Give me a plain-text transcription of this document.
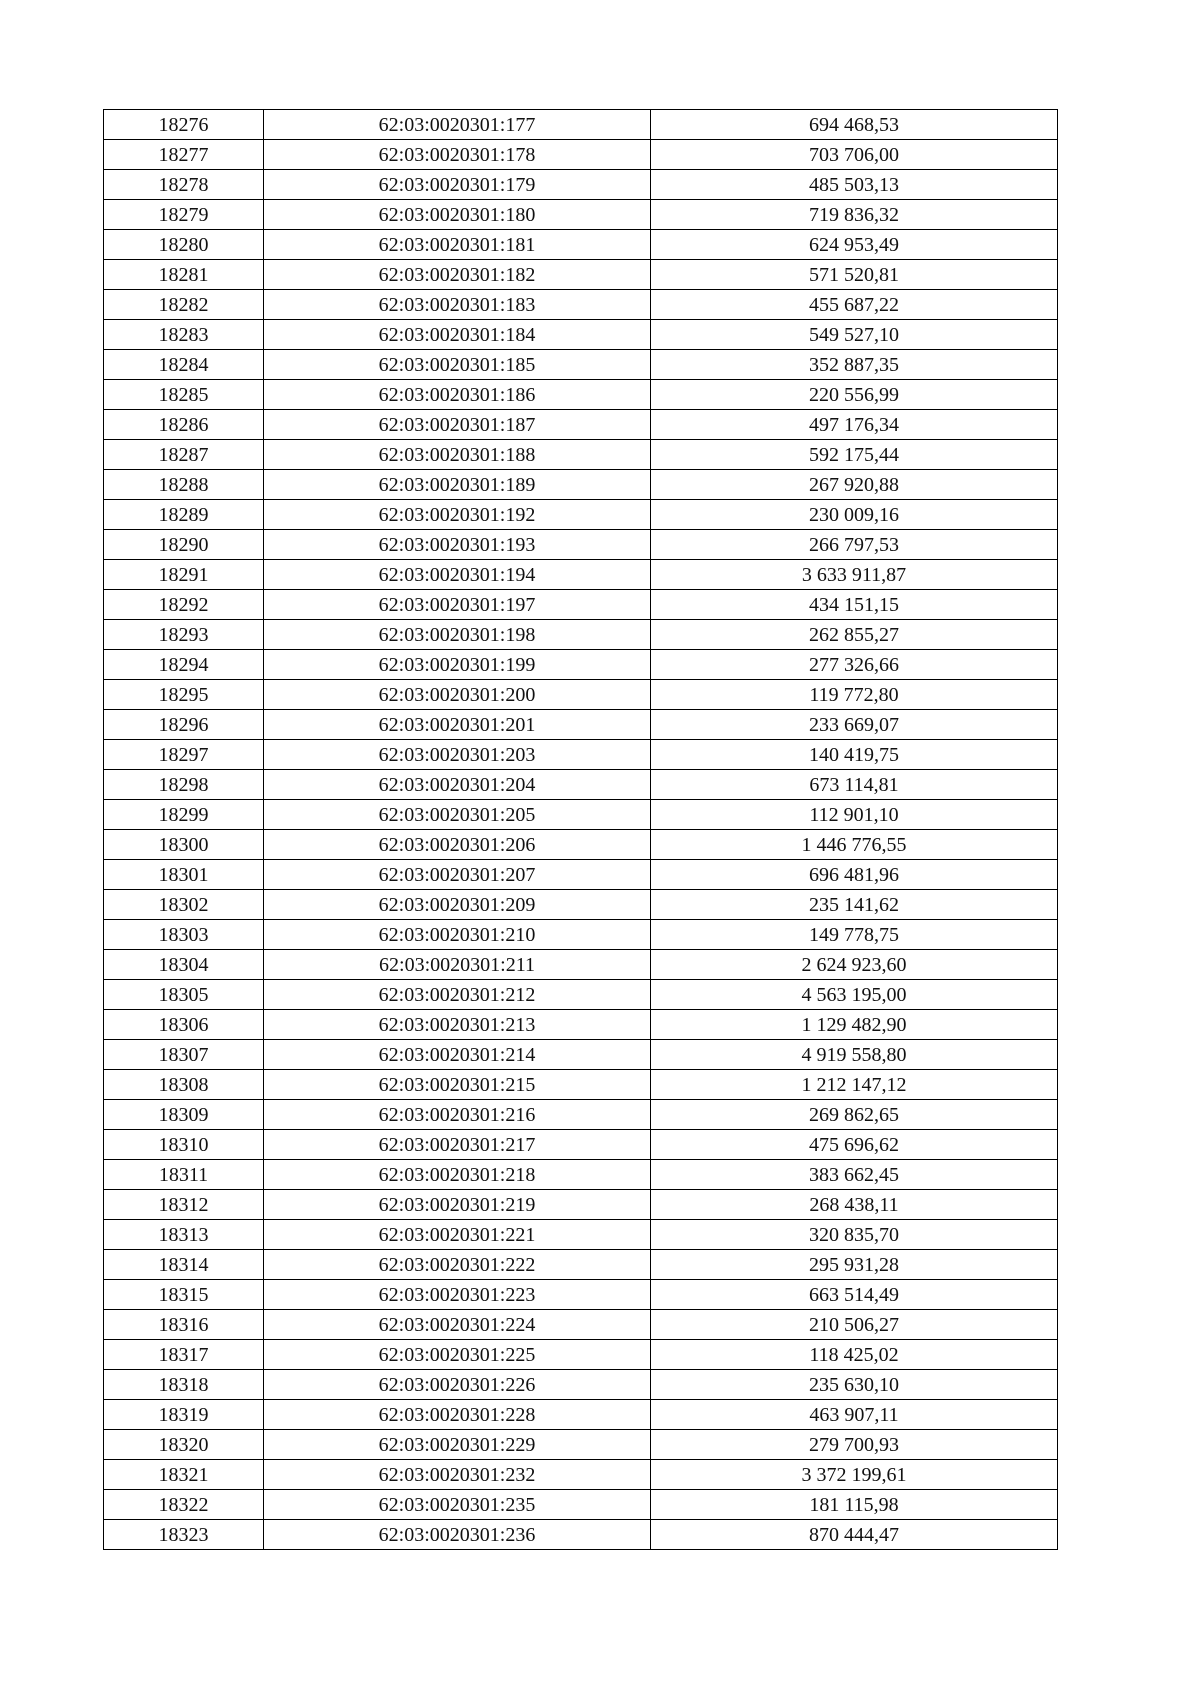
18276	62:03:0020301:177	694 468,53
18277	62:03:0020301:178	703 706,00
18278	62:03:0020301:179	485 503,13
18279	62:03:0020301:180	719 836,32
18280	62:03:0020301:181	624 953,49
18281	62:03:0020301:182	571 520,81
18282	62:03:0020301:183	455 687,22
18283	62:03:0020301:184	549 527,10
18284	62:03:0020301:185	352 887,35
18285	62:03:0020301:186	220 556,99
18286	62:03:0020301:187	497 176,34
18287	62:03:0020301:188	592 175,44
18288	62:03:0020301:189	267 920,88
18289	62:03:0020301:192	230 009,16
18290	62:03:0020301:193	266 797,53
18291	62:03:0020301:194	3 633 911,87
18292	62:03:0020301:197	434 151,15
18293	62:03:0020301:198	262 855,27
18294	62:03:0020301:199	277 326,66
18295	62:03:0020301:200	119 772,80
18296	62:03:0020301:201	233 669,07
18297	62:03:0020301:203	140 419,75
18298	62:03:0020301:204	673 114,81
18299	62:03:0020301:205	112 901,10
18300	62:03:0020301:206	1 446 776,55
18301	62:03:0020301:207	696 481,96
18302	62:03:0020301:209	235 141,62
18303	62:03:0020301:210	149 778,75
18304	62:03:0020301:211	2 624 923,60
18305	62:03:0020301:212	4 563 195,00
18306	62:03:0020301:213	1 129 482,90
18307	62:03:0020301:214	4 919 558,80
18308	62:03:0020301:215	1 212 147,12
18309	62:03:0020301:216	269 862,65
18310	62:03:0020301:217	475 696,62
18311	62:03:0020301:218	383 662,45
18312	62:03:0020301:219	268 438,11
18313	62:03:0020301:221	320 835,70
18314	62:03:0020301:222	295 931,28
18315	62:03:0020301:223	663 514,49
18316	62:03:0020301:224	210 506,27
18317	62:03:0020301:225	118 425,02
18318	62:03:0020301:226	235 630,10
18319	62:03:0020301:228	463 907,11
18320	62:03:0020301:229	279 700,93
18321	62:03:0020301:232	3 372 199,61
18322	62:03:0020301:235	181 115,98
18323	62:03:0020301:236	870 444,47
